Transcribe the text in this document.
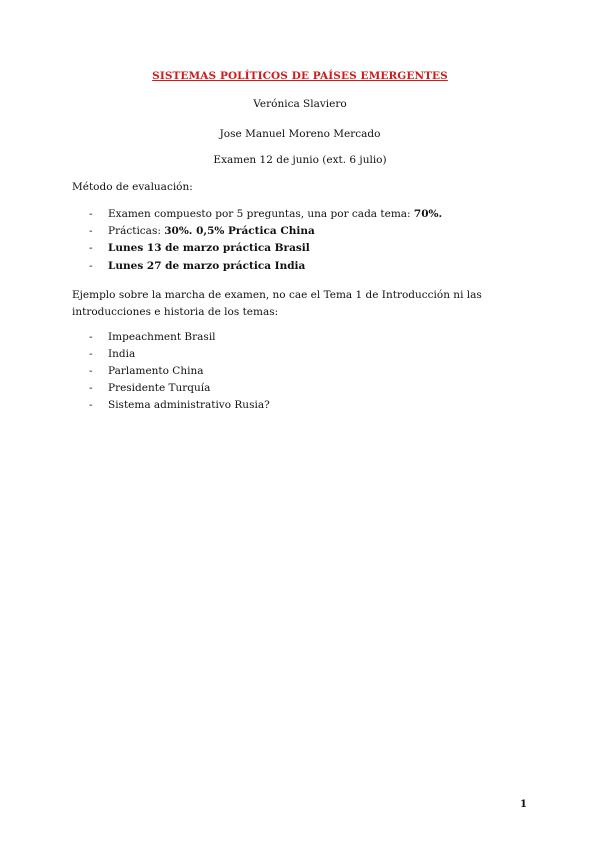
SISTEMAS POLÍTICOS DE PAÍSES EMERGENTES
Verónica Slaviero
Jose Manuel Moreno Mercado
Examen 12 de junio (ext. 6 julio)
Método de evaluación:
- Examen compuesto por 5 preguntas, una por cada tema: 70%.
- Prácticas: 30%. 0,5% Práctica China
- Lunes 13 de marzo práctica Brasil
- Lunes 27 de marzo práctica India
Ejemplo sobre la marcha de examen, no cae el Tema 1 de Introducción ni las introducciones e historia de los temas:
- Impeachment Brasil
- India
- Parlamento China
- Presidente Turquía
- Sistema administrativo Rusia?
1
